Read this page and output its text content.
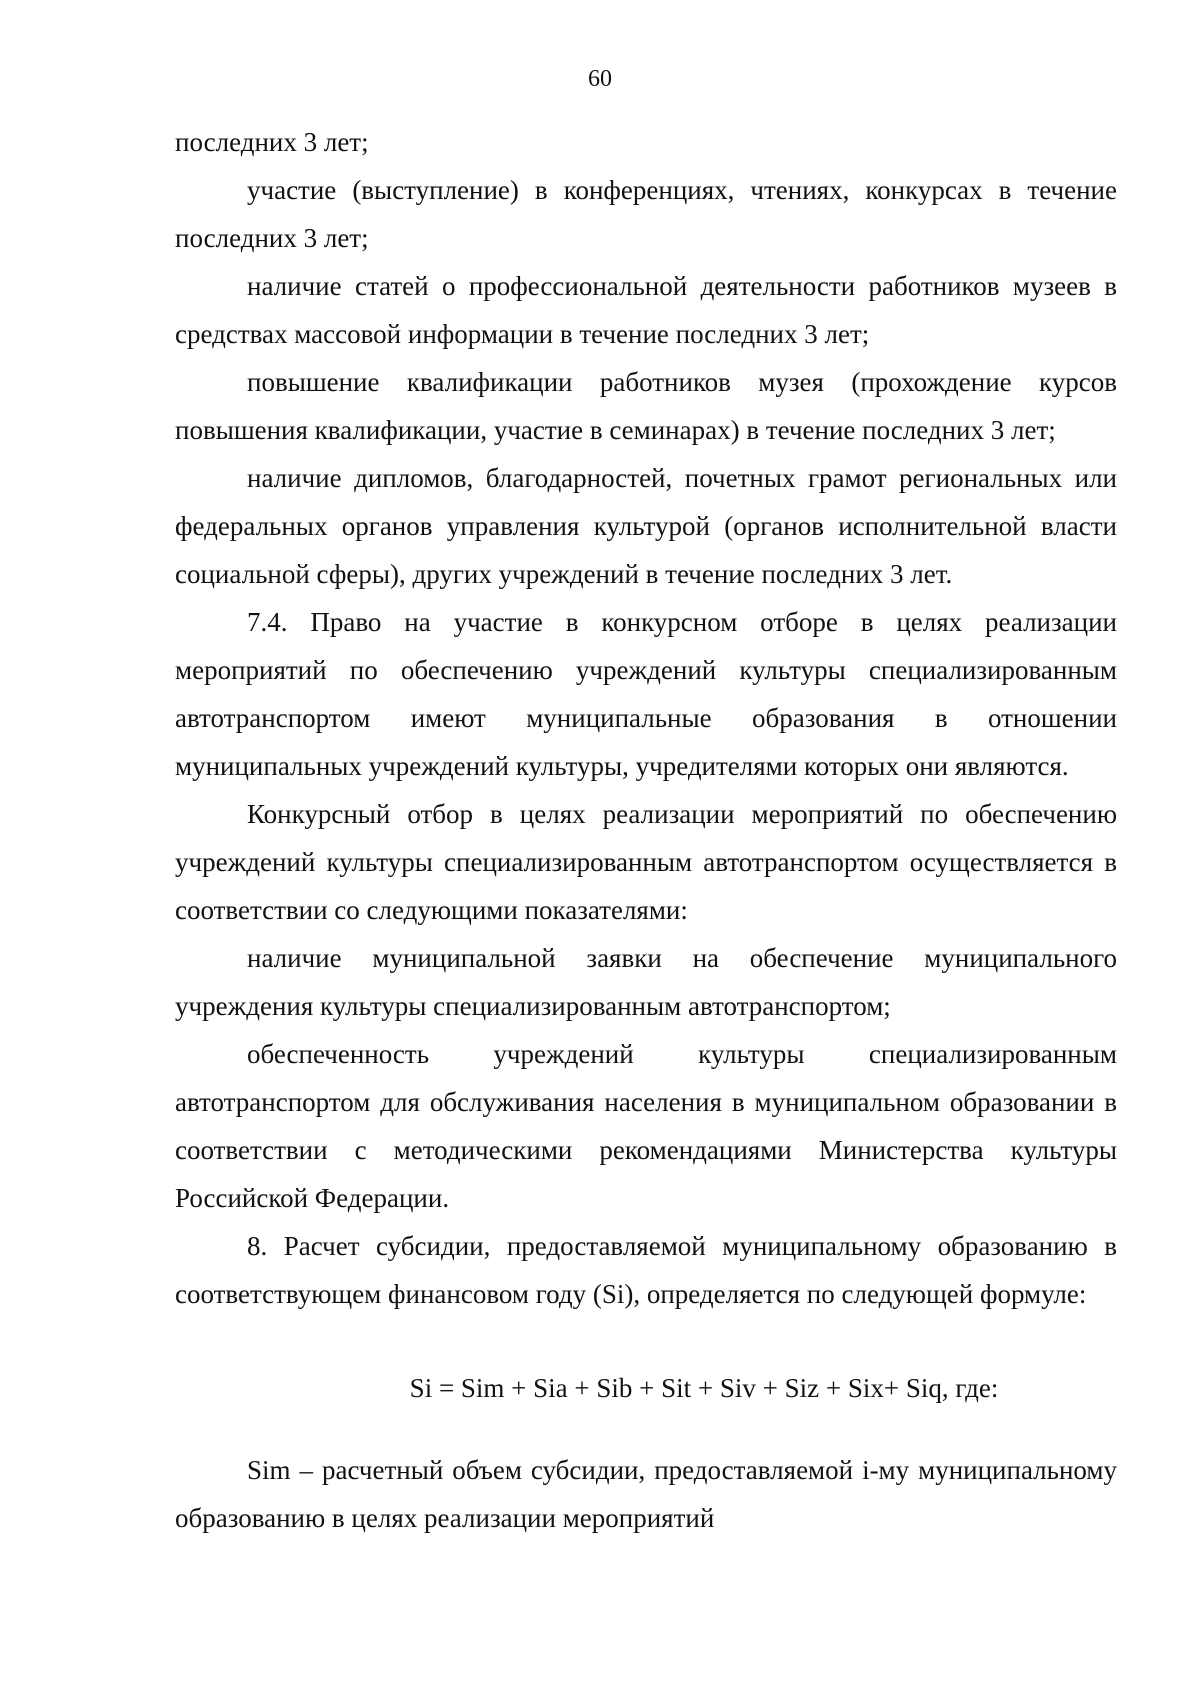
60

последних 3 лет;

участие (выступление) в конференциях, чтениях, конкурсах в течение последних 3 лет;

наличие статей о профессиональной деятельности работников музеев в средствах массовой информации в течение последних 3 лет;

повышение квалификации работников музея (прохождение курсов повышения квалификации, участие в семинарах) в течение последних 3 лет;

наличие дипломов, благодарностей, почетных грамот региональных или федеральных органов управления культурой (органов исполнительной власти социальной сферы), других учреждений в течение последних 3 лет.

7.4. Право на участие в конкурсном отборе в целях реализации мероприятий по обеспечению учреждений культуры специализированным автотранспортом имеют муниципальные образования в отношении муниципальных учреждений культуры, учредителями которых они являются.

Конкурсный отбор в целях реализации мероприятий по обеспечению учреждений культуры специализированным автотранспортом осуществляется в соответствии со следующими показателями:

наличие муниципальной заявки на обеспечение муниципального учреждения культуры специализированным автотранспортом;

обеспеченность учреждений культуры специализированным автотранспортом для обслуживания населения в муниципальном образовании в соответствии с методическими рекомендациями Министерства культуры Российской Федерации.

8. Расчет субсидии, предоставляемой муниципальному образованию в соответствующем финансовом году (Si), определяется по следующей формуле:

Si = Sim + Sia + Sib + Sit + Siv + Siz + Six+ Siq, где:

Sim – расчетный объем субсидии, предоставляемой i-му муниципальному образованию в целях реализации мероприятий
